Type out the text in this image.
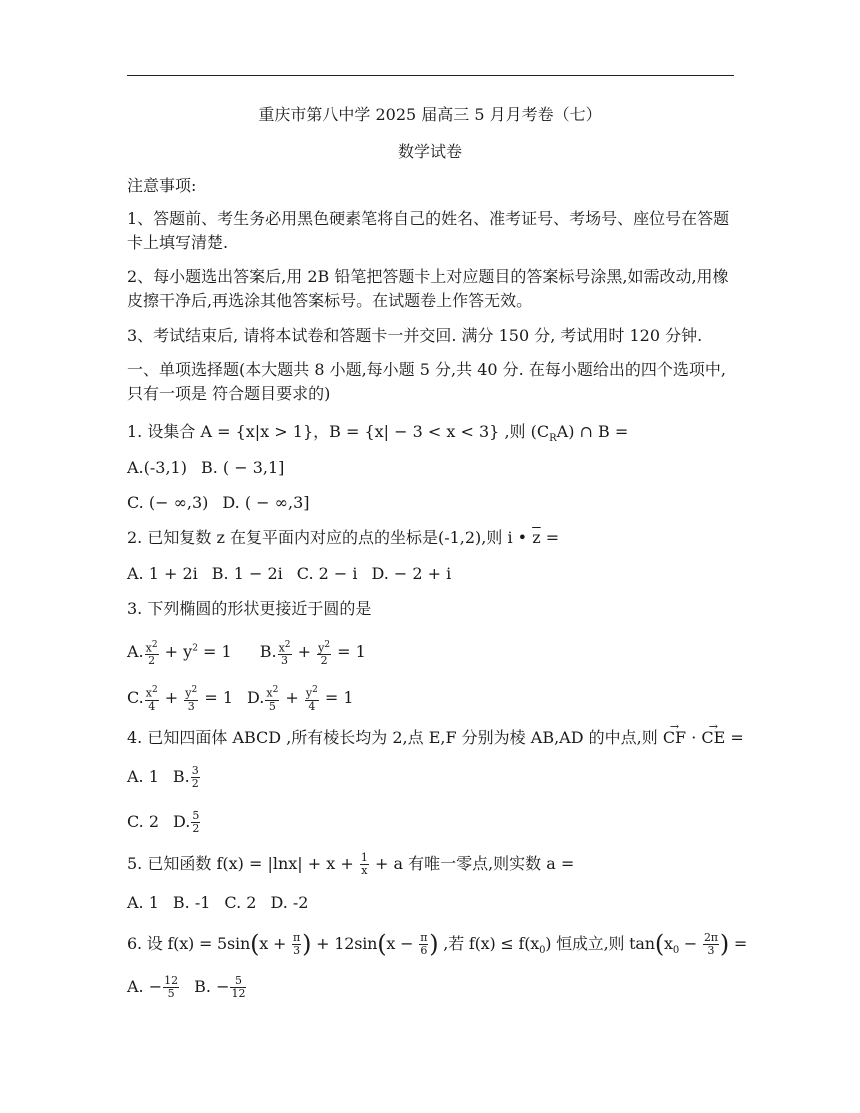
重庆市第八中学 2025 届高三 5 月月考卷（七）
数学试卷
注意事项:
1、答题前、考生务必用黑色硬素笔将自己的姓名、准考证号、考场号、座位号在答题卡上填写清楚.
2、每小题选出答案后,用 2B 铅笔把答题卡上对应题目的答案标号涂黑,如需改动,用橡皮擦干净后,再选涂其他答案标号。在试题卷上作答无效。
3、考试结束后, 请将本试卷和答题卡一并交回. 满分 150 分, 考试用时 120 分钟.
一、单项选择题(本大题共 8 小题,每小题 5 分,共 40 分. 在每小题给出的四个选项中,只有一项是 符合题目要求的)
1. 设集合 A = {x|x > 1}，B = {x| − 3 < x < 3} ,则 $(C_RA)$ ∩ B =
A.(-3,1) B. ( − 3,1]
C. (− ∞,3) D. ( − ∞,3]
2. 已知复数 z 在复平面内对应的点的坐标是(-1,2),则 i • $\overline{z}$ =
A. 1 + 2i B. 1 − 2i C. 2 − i D. − 2 + i
3. 下列椭圆的形状更接近于圆的是
A. $\frac{x^2}{2} + y^2 = 1$ B. $\frac{x^2}{3} + \frac{y^2}{2} = 1$
C. $\frac{x^2}{4} + \frac{y^2}{3} = 1$ D. $\frac{x^2}{5} + \frac{y^2}{4} = 1$
4. 已知四面体 ABCD ,所有棱长均为 2,点 E,F 分别为棱 AB,AD 的中点,则 → CF · → CE =
A. 1 B. $\frac{3}{2}$
C. 2 D. $\frac{5}{2}$
5. 已知函数 $f(x) = |\ln x| + x + \frac{1}{x} + a$ 有唯一零点,则实数 a =
A. 1 B. -1 C. 2 D. -2
6. 设 $f(x) = 5\sin(x + \frac{\pi}{3}$ ) + $12\sin(x - \frac{\pi}{6}$ ) ,若 $f(x) \le f(x_0)$ 恒成立,则 $\tan(x_0 - \frac{2\pi}{3}$ ) =
A. − $\frac{12}{5} B$. − $\frac{5}{12}$
